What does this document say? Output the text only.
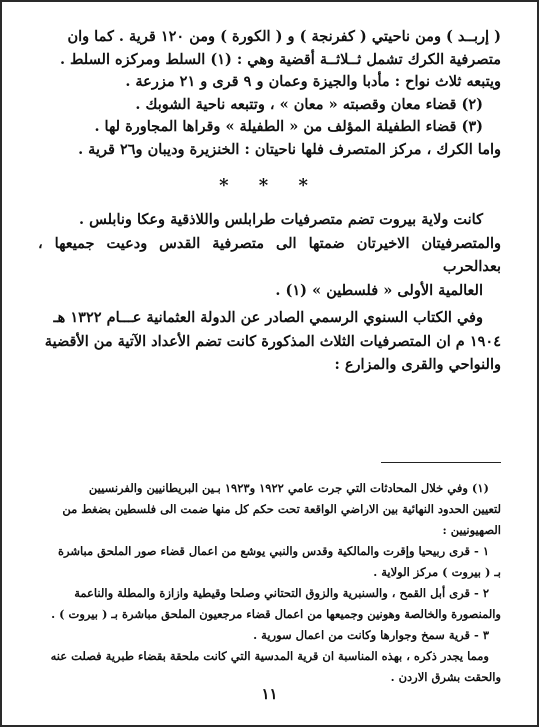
( إربــد ) ومن ناحيتي ( كفرنجة ) و ( الكورة ) ومن ١٢٠ قرية . كما وان

متصرفية الكرك تشمل ثــلاثــة أقضية وهي : (١) السلط ومركزه السلط .

ويتبعه ثلاث نواح : مأدبا والجيزة وعمان و ٩ قرى و ٢١ مزرعة .

(٢) قضاء معان وقصبته « معان » ، وتتبعه ناحية الشوبك .

(٣) قضاء الطفيلة المؤلف من « الطفيلة » وقراها المجاورة لها .

واما الكرك ، مركز المتصرف فلها ناحيتان : الخنزيرة وديبان و٢٦ قرية .

* * *

كانت ولاية بيروت تضم متصرفيات طرابلس واللاذقية وعكا ونابلس .

والمتصرفيتان الاخيرتان ضمتها الى متصرفية القدس ودعيت جميعها ، بعدالحرب

العالمية الأولى « فلسطين » (١) .

وفي الكتاب السنوي الرسمي الصادر عن الدولة العثمانية عـــام ١٣٢٢ هـ

١٩٠٤ م ان المتصرفيات الثلاث المذكورة كانت تضم الأعداد الآتية من الأقضية

والنواحي والقرى والمزارع :

(١) وفي خلال المحادثات التي جرت عامي ١٩٢٢ و١٩٢٣ بـين البريطانيين والفرنسيين

لتعيين الحدود النهائية بين الاراضي الواقعة تحت حكم كل منها ضمت الى فلسطين بضغط من

الصهيونيين :

١ - قرى ربيحيا وإقرت والمالكية وقدس والنبي يوشع من اعمال قضاء صور الملحق مباشرة

بـ ( بيروت ) مركز الولاية .

٢ - قرى أبل القمح ، والسنبرية والزوق التحتاني وصلحا وقيطية وازازة والمطلة والناعمة

والمنصورة والخالصة وهونين وجميعها من اعمال قضاء مرجعيون الملحق مباشرة بـ ( بيروت ) .

٣ - قرية سمخ وجوارها وكانت من اعمال سورية .

ومما يجدر ذكره ، بهذه المناسبة ان قرية المدسية التي كانت ملحقة بقضاء طبرية فصلت عنه

والحقت بشرق الاردن .

١١
